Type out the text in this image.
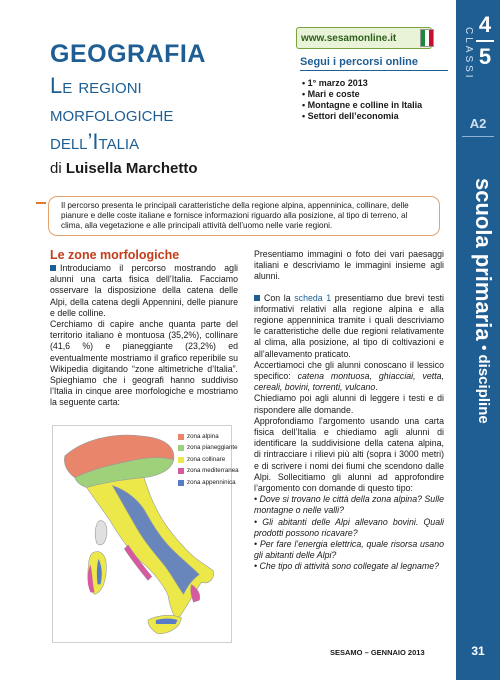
CLASSI
4
5
A2
scuola primaria • discipline
31
GEOGRAFIA
Le regioni
morfologiche
dell’Italia
di Luisella Marchetto
www.sesamonline.it
Segui i percorsi online
• 1° marzo 2013
• Mari e coste
• Montagne e colline in Italia
• Settori dell’economia
Il percorso presenta le principali caratteristiche della regione alpina, appenninica, collinare, delle pianure e delle coste italiane e fornisce informazioni riguardo alla posizione, al tipo di terreno, al clima, alla vegetazione e alle principali attività dell’uomo nelle varie regioni.
Le zone morfologiche

Introduciamo il percorso mostrando agli alunni una carta fisica dell’Italia. Facciamo osservare la disposizione della catena delle Alpi, della catena degli Appennini, delle pianure e delle colline.

Cerchiamo di capire anche quanta parte del territorio italiano è montuosa (35,2%), collinare (41,6 %) e pianeggiante (23,2%) ed eventualmente mostriamo il grafico reperibile su Wikipedia digitando “zone altimetriche d’Italia”. Spieghiamo che i geografi hanno suddiviso l’Italia in cinque aree morfologiche e mostriamo la seguente carta:

zona alpina
zona pianeggiante
zona collinare
zona mediterranea
zona appenninica

Presentiamo immagini o foto dei vari paesaggi italiani e descriviamo le immagini insieme agli alunni.

Con la scheda 1 presentiamo due brevi testi informativi relativi alla regione alpina e alla regione appenninica tramite i quali descriviamo le caratteristiche delle due regioni relativamente al clima, alla posizione, al tipo di coltivazioni e all’allevamento praticato.

Accertiamoci che gli alunni conoscano il lessico specifico: catena montuosa, ghiacciai, vetta, cereali, bovini, torrenti, vulcano.

Chiediamo poi agli alunni di leggere i testi e di rispondere alle domande.

Approfondiamo l’argomento usando una carta fisica dell’Italia e chiediamo agli alunni di identificare la suddivisione della catena alpina, di rintracciare i rilievi più alti (sopra i 3000 metri) e di scrivere i nomi dei fiumi che scendono dalle Alpi. Sollecitiamo gli alunni ad approfondire l’argomento con domande di questo tipo:

• Dove si trovano le città della zona alpina? Sulle montagne o nelle valli?

• Gli abitanti delle Alpi allevano bovini. Quali prodotti possono ricavare?

• Per fare l’energia elettrica, quale risorsa usano gli abitanti delle Alpi?

• Che tipo di attività sono collegate al legname?

SESAMO – GENNAIO 2013
